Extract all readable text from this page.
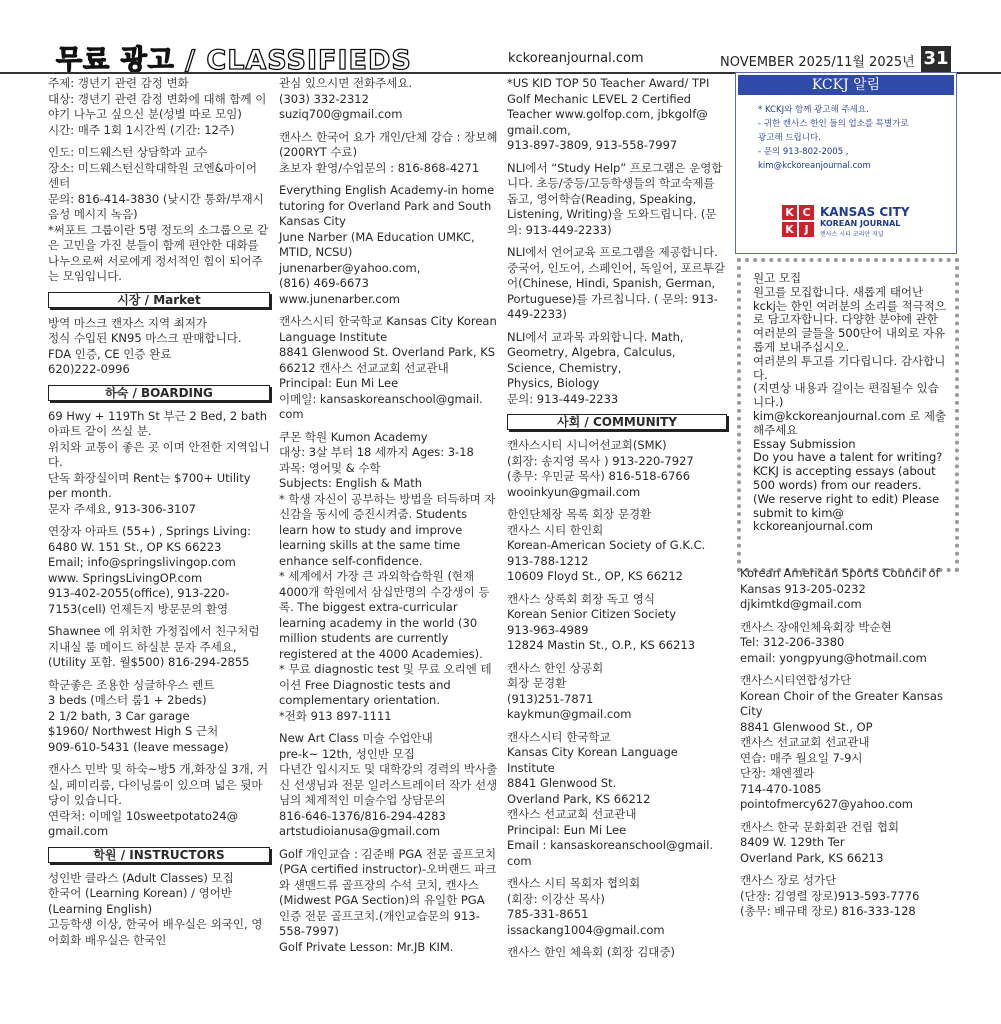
무료 광고 / CLASSIFIEDS	kckoreanjournal.com	NOVEMBER 2025/11월 2025년 31

주제: 갱년기 관련 감정 변화
대상: 갱년기 관련 감정 변화에 대해 함께 이야기 나누고 싶으신 분(성별 따로 모임)
시간: 매주 1회 1시간씩 (기간: 12주)

인도: 미드웨스턴 상담학과 교수
장소: 미드웨스턴신학대학원 코엔&마이어 센터
문의: 816-414-3830 (낮시간 통화/부재시 음성 메시지 녹음)
*써포트 그룹이란 5명 정도의 소그룹으로 같은 고민을 가진 분들이 함께 편안한 대화를 나누으로써 서로에게 정서적인 힘이 되어주는 모임입니다.

시장 / Market

방역 마스크 캔자스 지역 최저가
정식 수입된 KN95 마스크 판매합니다.
FDA 인증, CE 인증 완료
620)222-0996

하숙 / BOARDING

69 Hwy + 119Th St 부근 2 Bed, 2 bath 아파트 같이 쓰실 분.
위치와 교통이 좋은 곳 이며 안전한 지역입니다.
단독 화장실이며 Rent는 $700+ Utility per month.
문자 주세요, 913-306-3107

연장자 아파트 (55+) , Springs Living: 6480 W. 151 St., OP KS 66223
Email; info@springslivingop.com
www. SpringsLivingOP.com
913-402-2055(office), 913-220-7153(cell) 언제든지 방문문의 환영

Shawnee 에 위치한 가정집에서 친구처럼 지내실 룸 메이드 하실분 문자 주세요, (Utility 포함. 월$500) 816-294-2855

학군좋은 조용한 싱글하우스 렌트
3 beds (메스터 룸1 + 2beds)
2 1/2 bath, 3 Car garage
$1960/ Northwest High S 근처
909-610-5431 (leave message)

캔사스 민박 및 하숙~방5 개,화장실 3개, 거실, 페미리룸, 다이닝룸이 있으며 넓은 뒷마당이 있습니다.
연락처: 이메일 10sweetpotato24@ gmail.com

학원 / INSTRUCTORS

성인반 클라스 (Adult Classes) 모집
한국어 (Learning Korean) / 영어반 (Learning English)
고등학생 이상, 한국어 배우실은 외국인, 영어회화 배우실은 한국인

관심 있으시면 전화주세요.
(303) 332-2312
suziq700@gmail.com

캔사스 한국어 요가 개인/단체 강습 : 장보혜(200RYT 수료)
초보자 환영/수업문의 : 816-868-4271

Everything English Academy-in home tutoring for Overland Park and South Kansas City
June Narber (MA Education UMKC, MTID, NCSU)
junenarber@yahoo.com,
(816) 469-6673
www.junenarber.com

캔사스시티 한국학교 Kansas City Korean Language Institute
8841 Glenwood St. Overland Park, KS 66212 캔사스 선교교회 선교관내
Principal: Eun Mi Lee
이메일: kansaskoreanschool@gmail. com

쿠몬 학원 Kumon Academy
대상: 3살 부터 18 세까지 Ages: 3-18
과목: 영어및 & 수학
Subjects: English & Math
* 학생 자신이 공부하는 방법을 터득하며 자신감을 동시에 증진시켜줌. Students learn how to study and improve learning skills at the same time enhance self-confidence.
* 세계에서 가장 큰 과외학습학원 (현재 4000개 학원에서 삼십만명의 수강생이 등록. The biggest extra-curricular learning academy in the world (30 million students are currently registered at the 4000 Academies).
* 무료 diagnostic test 및 무료 오리엔 테이션 Free Diagnostic tests and complementary orientation.
*전화 913 897-1111

New Art Class 미술 수업안내
pre-k~ 12th, 성인반 모집
다년간 입시지도 및 대학강의 경력의 박사출신 선생님과 전문 일러스트레이터 작가 선생님의 체계적인 미술수업 상담문의
816-646-1376/816-294-4283
artstudioianusa@gmail.com

Golf 개인교습 : 김준배 PGA 전문 골프코치(PGA certified instructor)-오버랜드 파크와 섄맨드류 골프장의 수석 코치, 캔사스(Midwest PGA Section)의 유일한 PGA 인증 전문 골프코치.(개인교습문의 913-558-7997)
Golf Private Lesson: Mr.JB KIM.

*US KID TOP 50 Teacher Award/ TPI Golf Mechanic LEVEL 2 Certified Teacher www.golfop.com, jbkgolf@ gmail.com,
913-897-3809, 913-558-7997

NLI에서 “Study Help” 프로그램은 운영합니다. 초등/중등/고등학생들의 학교숙제를 돕고, 영어학습(Reading, Speaking, Listening, Writing)을 도와드립니다. (문의: 913-449-2233)

NLI에서 언어교육 프로그램을 제공합니다. 중국어, 인도어, 스페인어, 독일어, 포르투갈어(Chinese, Hindi, Spanish, German, Portuguese)를 가르칩니다. ( 문의: 913-449-2233)

NLI에서 교과목 과외합니다. Math, Geometry, Algebra, Calculus, Science, Chemistry,
Physics, Biology
문의: 913-449-2233

사회 / COMMUNITY

캔사스시티 시니어선교회(SMK)
(회장: 송지영 목사 ) 913-220-7927
(총무: 우민균 목사) 816-518-6766
wooinkyun@gmail.com

한인단체장 목록 회장 문경환
캔사스 시티 한인회
Korean-American Society of G.K.C.
913-788-1212
10609 Floyd St., OP, KS 66212

캔사스 상록회 회장 독고 영식
Korean Senior Citizen Society
913-963-4989
12824 Mastin St., O.P., KS 66213

캔사스 한인 상공회
회장 문경환
(913)251-7871
kaykmun@gmail.com

캔사스시티 한국학교
Kansas City Korean Language Institute
8841 Glenwood St.
Overland Park, KS 66212
캔사스 선교교회 선교관내
Principal: Eun Mi Lee
Email : kansaskoreanschool@gmail. com

캔사스 시티 목회자 협의회
(회장: 이강산 목사)
785-331-8651
issackang1004@gmail.com

캔사스 한인 체육회 (회장 김대중)

KCKJ 알림
* KCKJ와 함께 광고해 주세요.
- 귀한 캔사스 한인 들의 업소를 특별가로
광고해 드립니다.
- 문의 913-802-2005 ,
kim@kckoreanjournal.com
K C
K J
KANSAS CITY
KOREAN JOURNAL
캔사스 시티 코리안 저널
원고 모집
원고를 모집합니다. 새롭게 태어난 kckj는 한인 여러분의 소리를 적극적으로 담고자합니다. 다양한 분야에 관한 여러분의 글들을 500단어 내외로 자유롭게 보내주십시오.
여러분의 투고를 기다립니다. 감사합니다.
(지면상 내용과 길이는 편집될수 있습니다.)
kim@kckoreanjournal.com 로 제출해주세요
Essay Submission
Do you have a talent for writing? KCKJ is accepting essays (about 500 words) from our readers. (We reserve right to edit) Please submit to kim@ kckoreanjournal.com

Korean American Sports Council of Kansas 913-205-0232
djkimtkd@gmail.com

캔사스 장애인체육회장 박순현
Tel: 312-206-3380
email: yongpyung@hotmail.com

캔사스시티연합성가단
Korean Choir of the Greater Kansas City
8841 Glenwood St., OP
캔사스 선교교회 선교관내
연습: 매주 월요일 7-9시
단장: 채엔젤라
714-470-1085
pointofmercy627@yahoo.com

캔사스 한국 문화회관 건립 협회
8409 W. 129th Ter
Overland Park, KS 66213

캔사스 장로 성가단
(단장: 김영렬 장로)913-593-7776
(총무: 배규태 장로) 816-333-128
